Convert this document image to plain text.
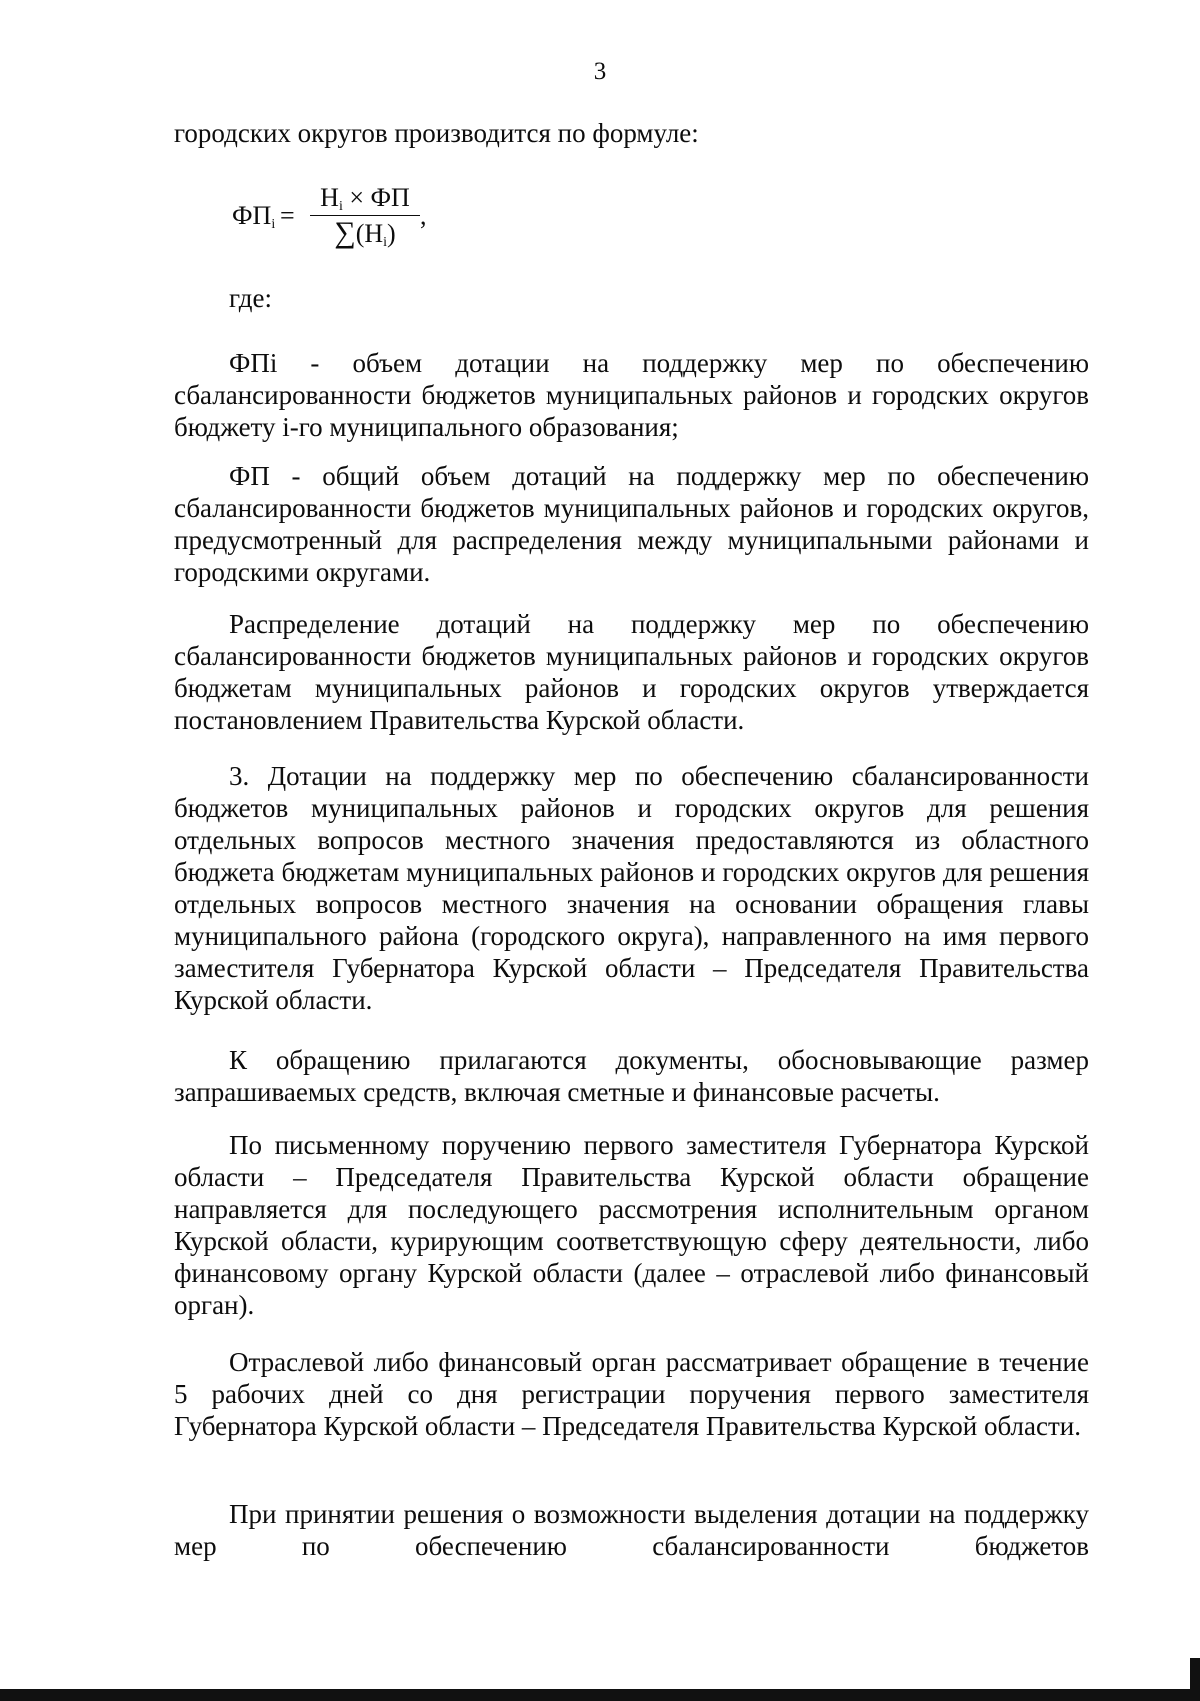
3
городских округов производится по формуле:
$ФП_i$ =
$Н_i$ × ФП
$\sum(Н_i)$
,
где:
ФПi - объем дотации на поддержку мер по обеспечению сбалансированности бюджетов муниципальных районов и городских округов бюджету i-го муниципального образования;
ФП - общий объем дотаций на поддержку мер по обеспечению сбалансированности бюджетов муниципальных районов и городских округов, предусмотренный для распределения между муниципальными районами и городскими округами.
Распределение дотаций на поддержку мер по обеспечению сбалансированности бюджетов муниципальных районов и городских округов бюджетам муниципальных районов и городских округов утверждается постановлением Правительства Курской области.
3. Дотации на поддержку мер по обеспечению сбалансированности бюджетов муниципальных районов и городских округов для решения отдельных вопросов местного значения предоставляются из областного бюджета бюджетам муниципальных районов и городских округов для решения отдельных вопросов местного значения на основании обращения главы муниципального района (городского округа), направленного на имя первого заместителя Губернатора Курской области – Председателя Правительства Курской области.
К обращению прилагаются документы, обосновывающие размер запрашиваемых средств, включая сметные и финансовые расчеты.
По письменному поручению первого заместителя Губернатора Курской области – Председателя Правительства Курской области обращение направляется для последующего рассмотрения исполнительным органом Курской области, курирующим соответствующую сферу деятельности, либо финансовому органу Курской области (далее – отраслевой либо финансовый орган).
Отраслевой либо финансовый орган рассматривает обращение в течение 5 рабочих дней со дня регистрации поручения первого заместителя Губернатора Курской области – Председателя Правительства Курской области.
При принятии решения о возможности выделения дотации на поддержку мер по обеспечению сбалансированности бюджетов
